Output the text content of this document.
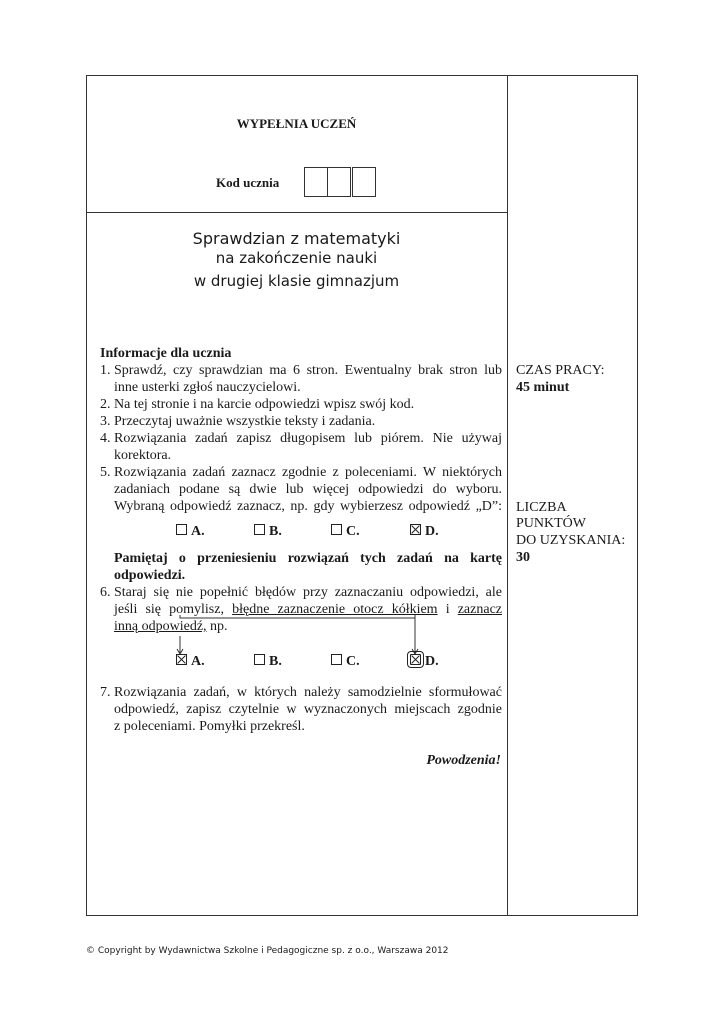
WYPEŁNIA UCZEŃ
Kod ucznia
Sprawdzian z matematyki
na zakończenie nauki
w drugiej klasie gimnazjum
Informacje dla ucznia
1. Sprawdź, czy sprawdzian ma 6 stron. Ewentualny brak stron lub
inne usterki zgłoś nauczycielowi.
2. Na tej stronie i na karcie odpowiedzi wpisz swój kod.
3. Przeczytaj uważnie wszystkie teksty i zadania.
4. Rozwiązania zadań zapisz długopisem lub piórem. Nie używaj
korektora.
5. Rozwiązania zadań zaznacz zgodnie z poleceniami. W niektórych
zadaniach podane są dwie lub więcej odpowiedzi do wyboru.
Wybraną odpowiedź zaznacz, np. gdy wybierzesz odpowiedź „D”:
A.	B.	C.	D.
Pamiętaj o przeniesieniu rozwiązań tych zadań na kartę
odpowiedzi.
6. Staraj się nie popełnić błędów przy zaznaczaniu odpowiedzi, ale
jeśli się pomylisz, błędne zaznaczenie otocz kółkiem i zaznacz
inną odpowiedź, np.
A.	B.	C.	D.
7. Rozwiązania zadań, w których należy samodzielnie sformułować
odpowiedź, zapisz czytelnie w wyznaczonych miejscach zgodnie
z poleceniami. Pomyłki przekreśl.
Powodzenia!
CZAS PRACY:
45 minut
LICZBA
PUNKTÓW
DO UZYSKANIA:
30
© Copyright by Wydawnictwa Szkolne i Pedagogiczne sp. z o.o., Warszawa 2012
